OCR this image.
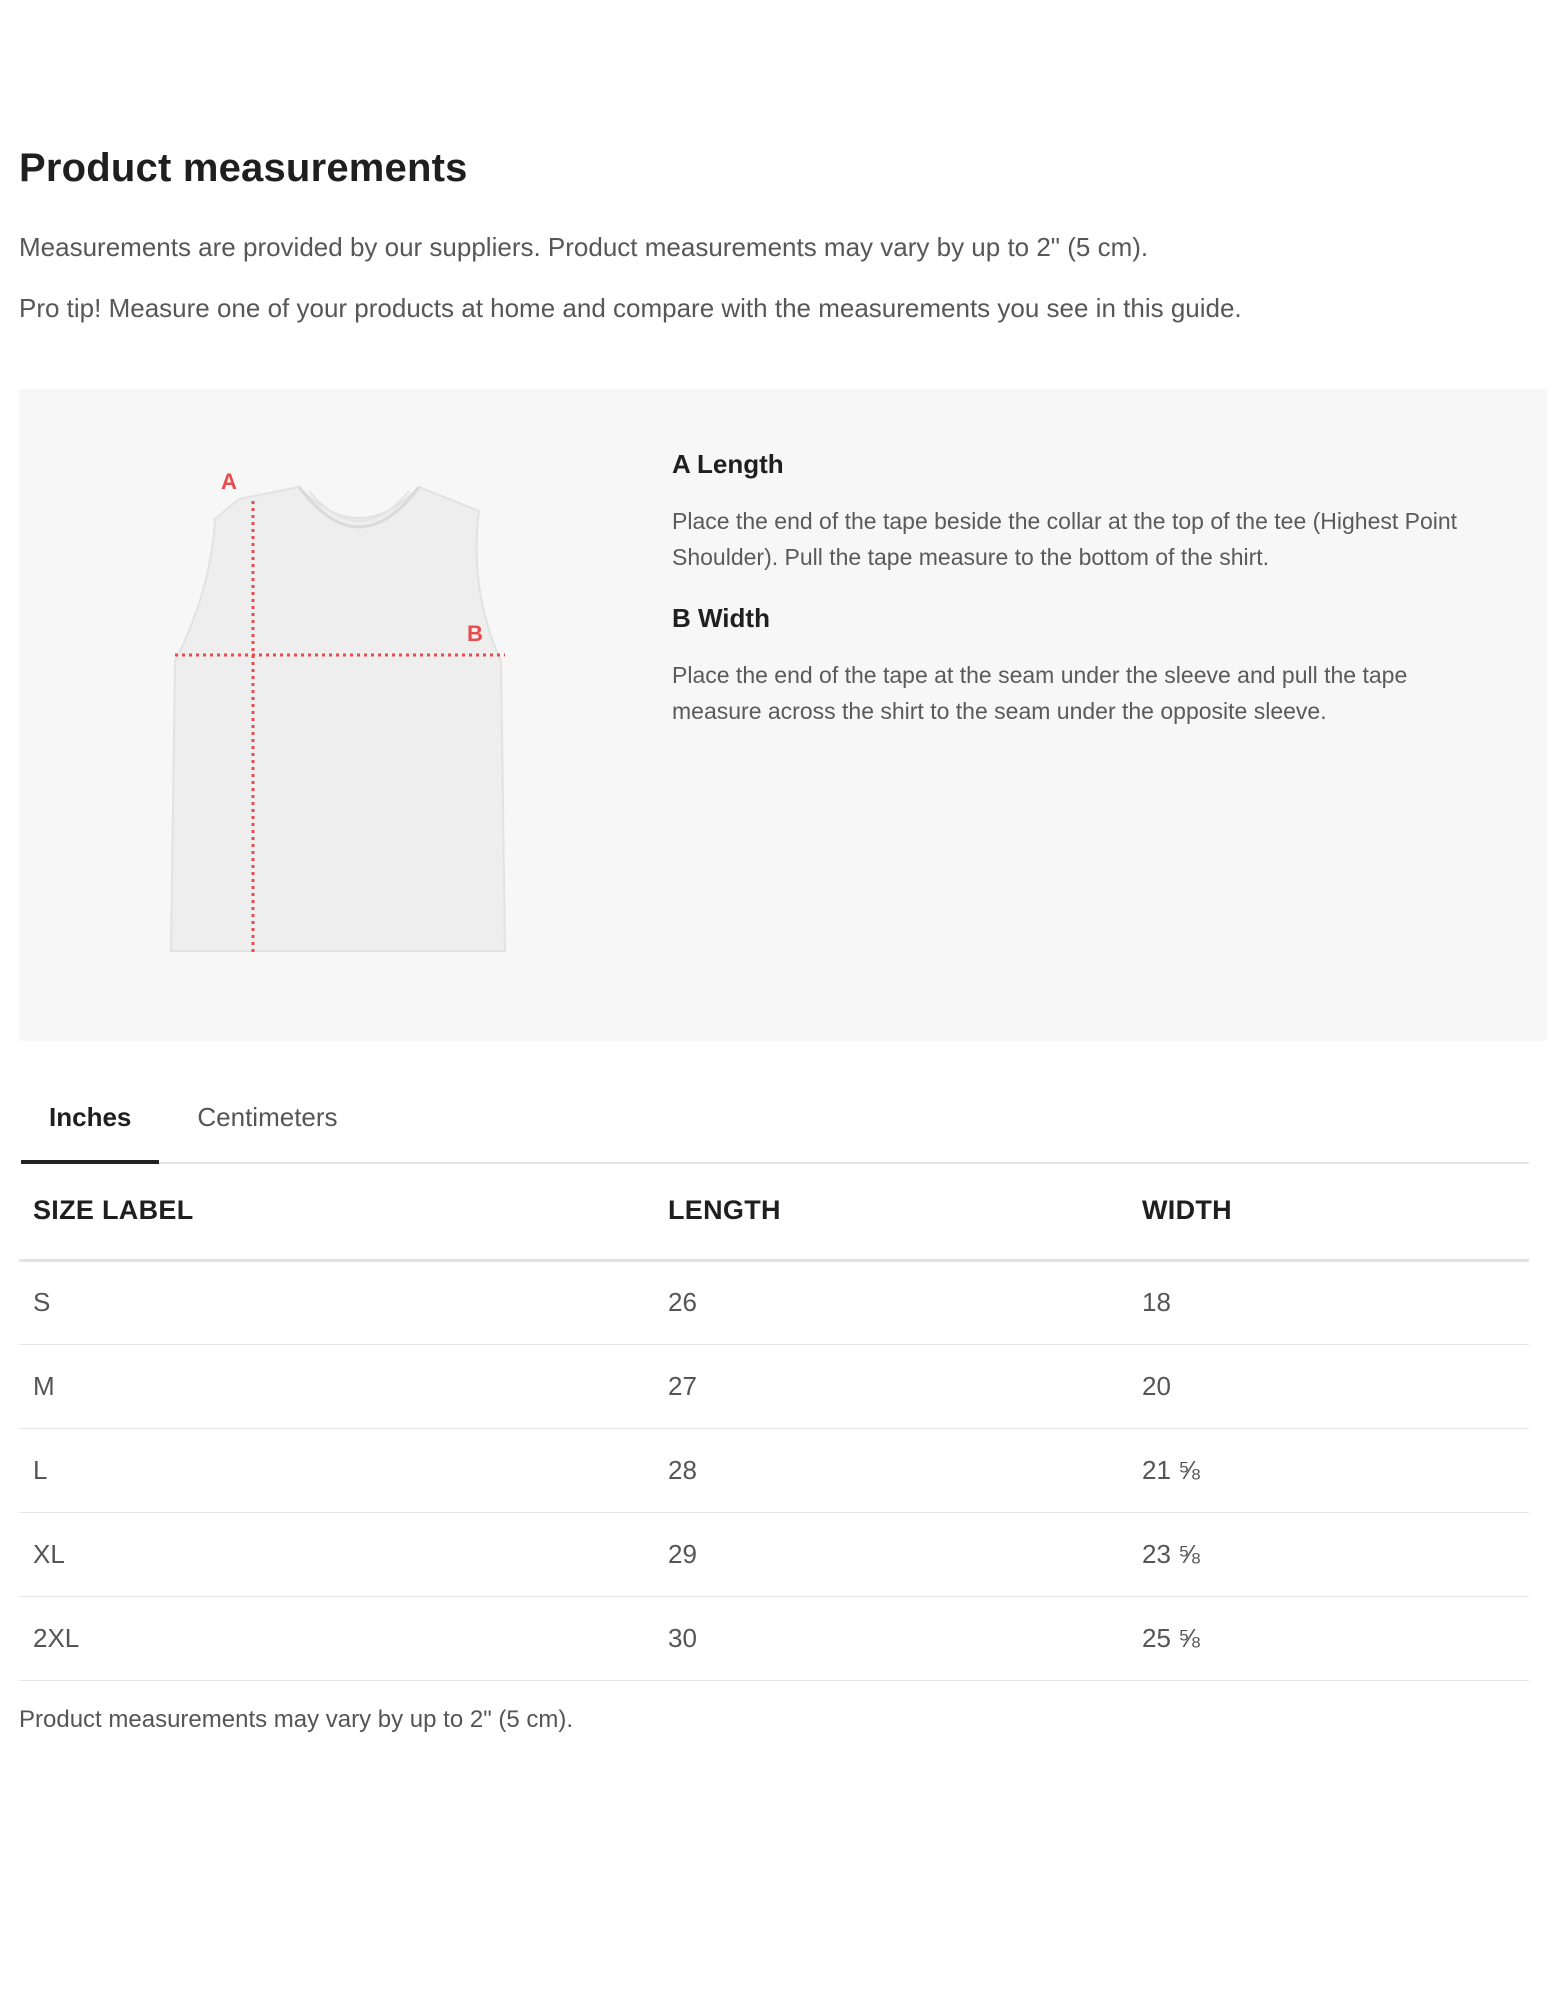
Product measurements

Measurements are provided by our suppliers. Product measurements may vary by up to 2" (5 cm).

Pro tip! Measure one of your products at home and compare with the measurements you see in this guide.

A
B
A Length

Place the end of the tape beside the collar at the top of the tee (Highest Point Shoulder). Pull the tape measure to the bottom of the shirt.

B Width

Place the end of the tape at the seam under the sleeve and pull the tape measure across the shirt to the seam under the opposite sleeve.

Inches	Centimeters
SIZE LABEL	LENGTH	WIDTH
S	26	18
M	27	20
L	28	21 ⅝
XL	29	23 ⅝
2XL	30	25 ⅝

Product measurements may vary by up to 2" (5 cm).
